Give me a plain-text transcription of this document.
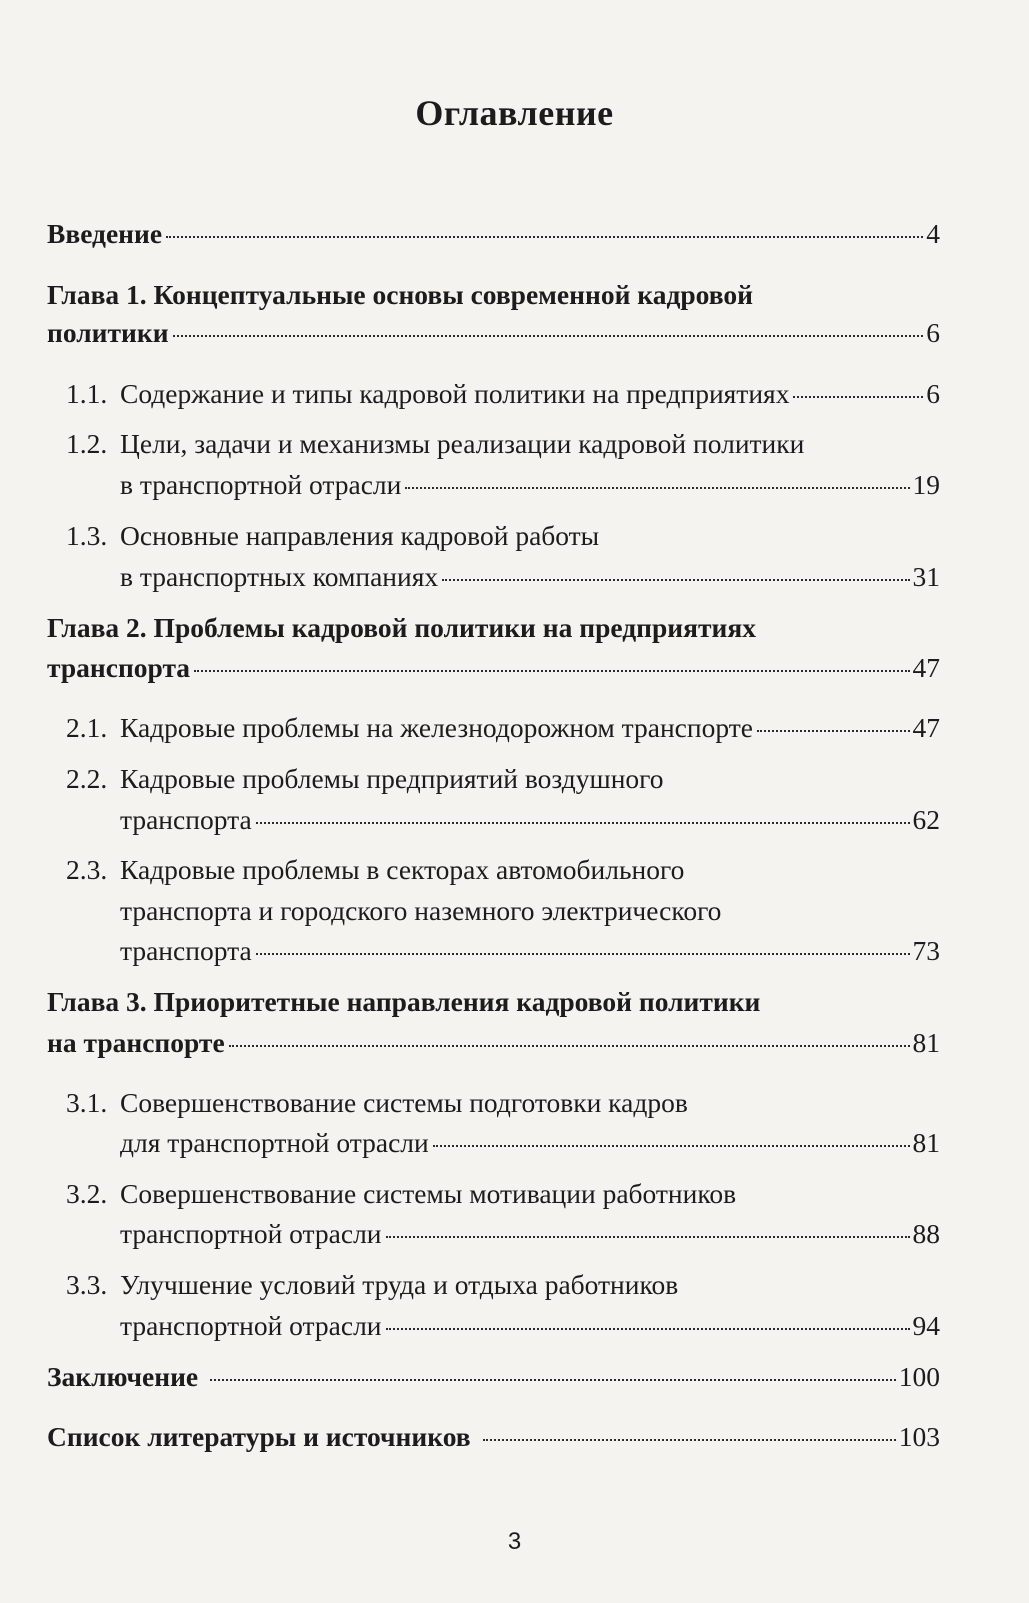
Оглавление
Введение	4
Глава 1. Концептуальные основы современной кадровой
политики	6
1.1. Содержание и типы кадровой политики на предприятиях	6
1.2. Цели, задачи и механизмы реализации кадровой политики
в транспортной отрасли	19
1.3. Основные направления кадровой работы
в транспортных компаниях	31
Глава 2. Проблемы кадровой политики на предприятиях
транспорта	47
2.1. Кадровые проблемы на железнодорожном транспорте	47
2.2. Кадровые проблемы предприятий воздушного
транспорта	62
2.3. Кадровые проблемы в секторах автомобильного
транспорта и городского наземного электрического
транспорта	73
Глава 3. Приоритетные направления кадровой политики
на транспорте	81
3.1. Совершенствование системы подготовки кадров
для транспортной отрасли	81
3.2. Совершенствование системы мотивации работников
транспортной отрасли	88
3.3. Улучшение условий труда и отдыха работников
транспортной отрасли	94
Заключение	100
Список литературы и источников	103
3
